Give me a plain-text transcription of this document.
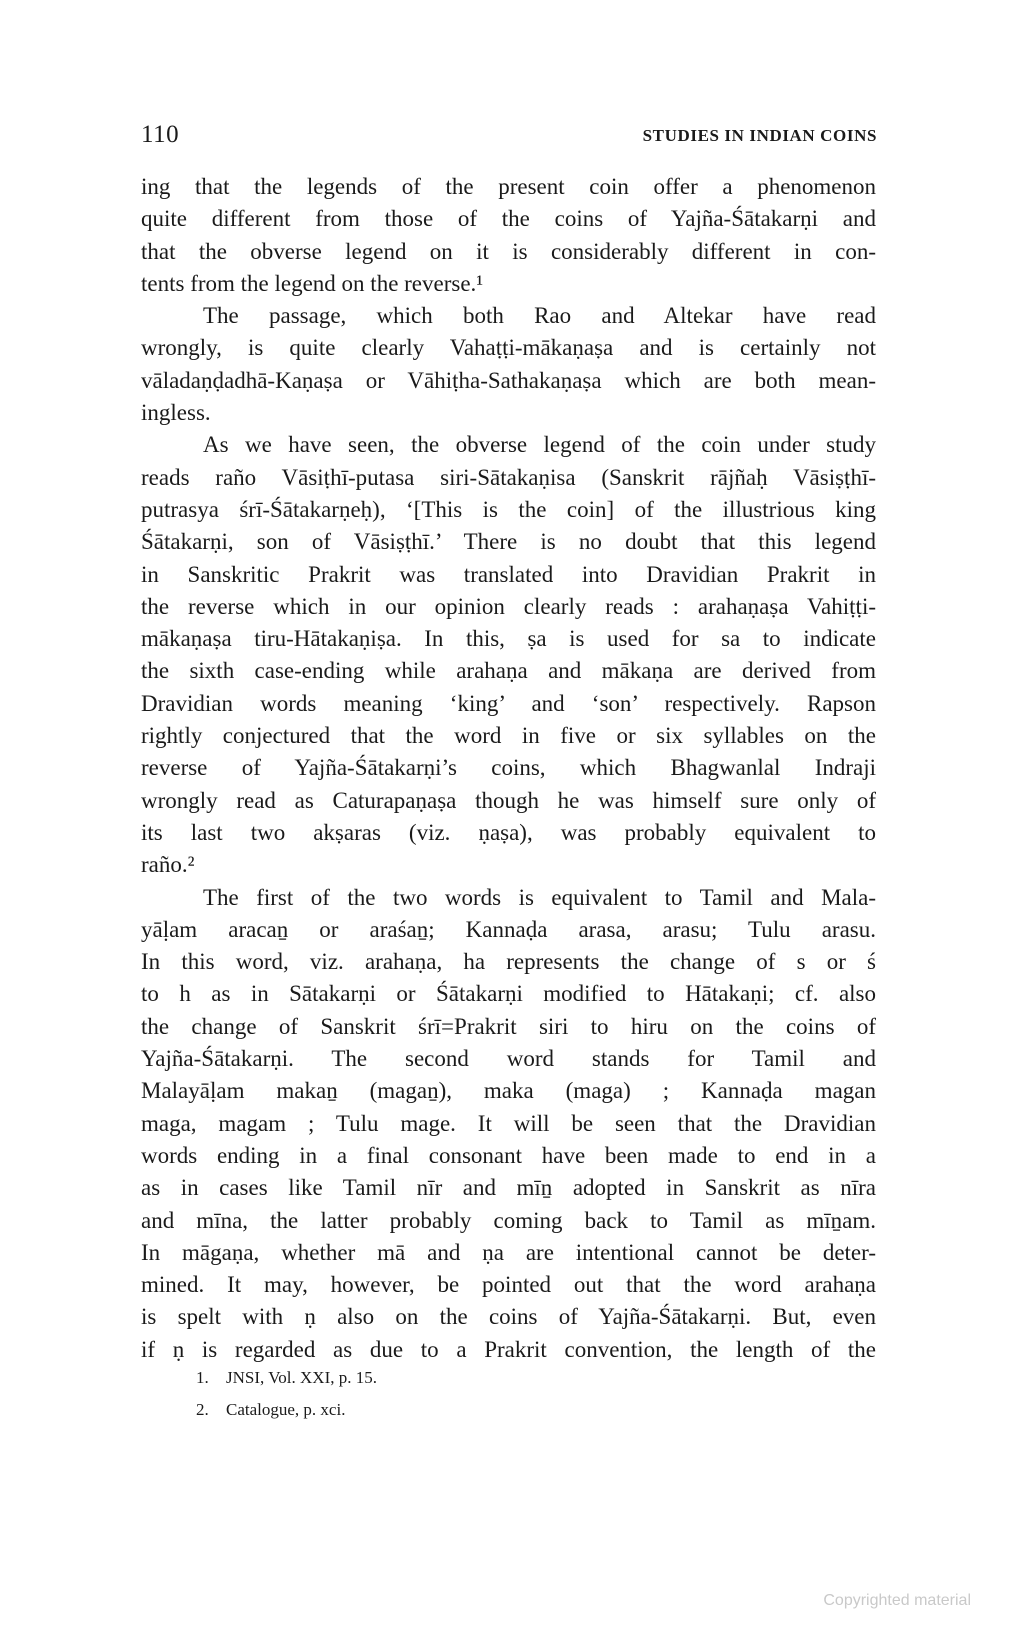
110	STUDIES IN INDIAN COINS
ing that the legends of the present coin offer a phenomenon
quite different from those of the coins of Yajña-Śātakarṇi and
that the obverse legend on it is considerably different in con-
tents from the legend on the reverse.¹
The passage, which both Rao and Altekar have read
wrongly, is quite clearly Vahaṭṭi-mākaṇaṣa and is certainly not
vāladaṇḍadhā-Kaṇaṣa or Vāhiṭha-Sathakaṇaṣa which are both mean-
ingless.
As we have seen, the obverse legend of the coin under study
reads raño Vāsiṭhī-putasa siri-Sātakaṇisa (Sanskrit rājñaḥ Vāsiṣṭhī-
putrasya śrī-Śātakarṇeḥ), ‘[This is the coin] of the illustrious king
Śātakarṇi, son of Vāsiṣṭhī.’ There is no doubt that this legend
in Sanskritic Prakrit was translated into Dravidian Prakrit in
the reverse which in our opinion clearly reads : arahaṇaṣa Vahiṭṭi-
mākaṇaṣa tiru-Hātakaṇiṣa. In this, ṣa is used for sa to indicate
the sixth case-ending while arahaṇa and mākaṇa are derived from
Dravidian words meaning ‘king’ and ‘son’ respectively. Rapson
rightly conjectured that the word in five or six syllables on the
reverse of Yajña-Śātakarṇi’s coins, which Bhagwanlal Indraji
wrongly read as Caturapaṇaṣa though he was himself sure only of
its last two akṣaras (viz. ṇaṣa), was probably equivalent to
raño.²
The first of the two words is equivalent to Tamil and Mala-
yāḷam aracaṉ or araśaṉ; Kannaḍa arasa, arasu; Tulu arasu.
In this word, viz. arahaṇa, ha represents the change of s or ś
to h as in Sātakarṇi or Śātakarṇi modified to Hātakaṇi; cf. also
the change of Sanskrit śrī=Prakrit siri to hiru on the coins of
Yajña-Śātakarṇi. The second word stands for Tamil and
Malayāḷam makaṉ (magaṉ), maka (maga) ; Kannaḍa magan
maga, magam ; Tulu mage. It will be seen that the Dravidian
words ending in a final consonant have been made to end in a
as in cases like Tamil nīr and mīṉ adopted in Sanskrit as nīra
and mīna, the latter probably coming back to Tamil as mīṉam.
In māgaṇa, whether mā and ṇa are intentional cannot be deter-
mined. It may, however, be pointed out that the word arahaṇa
is spelt with ṇ also on the coins of Yajña-Śātakarṇi. But, even
if ṇ is regarded as due to a Prakrit convention, the length of the
1. JNSI, Vol. XXI, p. 15.
2. Catalogue, p. xci.
Copyrighted material
